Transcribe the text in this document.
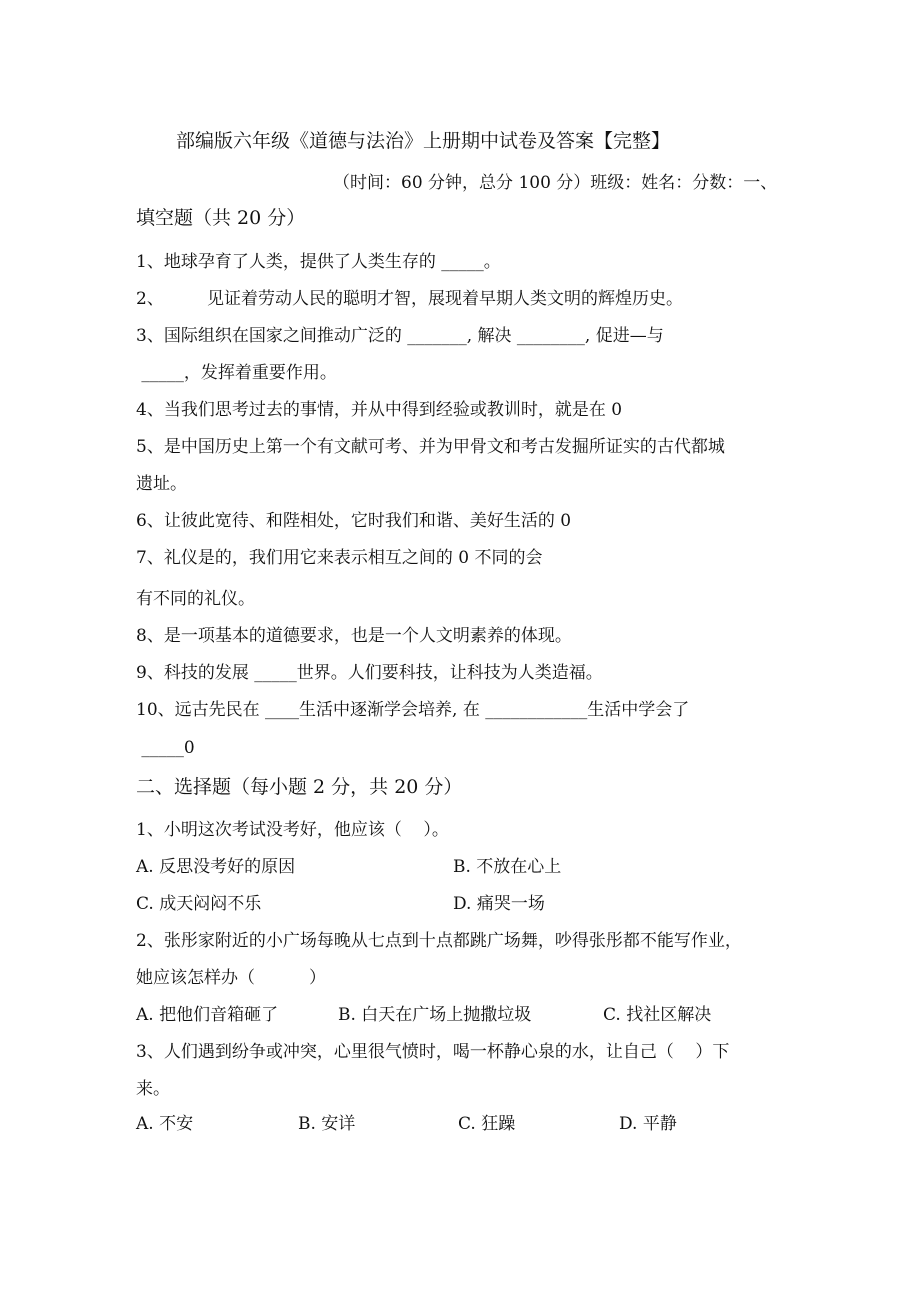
部编版六年级《道德与法治》上册期中试卷及答案【完整】
（时间：60 分钟，总分 100 分）班级：姓名：分数：一、
填空题（共 20 分）
1、地球孕育了人类，提供了人类生存的 _____。
2、        见证着劳动人民的聪明才智，展现着早期人类文明的辉煌历史。
3、国际组织在国家之间推动广泛的 _______, 解决 ________, 促进—与
_____，发挥着重要作用。
4、当我们思考过去的事情，并从中得到经验或教训时，就是在 0
5、是中国历史上第一个有文献可考、并为甲骨文和考古发掘所证实的古代都城
遗址。
6、让彼此宽待、和陛相处，它时我们和谐、美好生活的 0
7、礼仪是的，我们用它来表示相互之间的 0 不同的会
有不同的礼仪。
8、是一项基本的道德要求，也是一个人文明素养的体现。
9、科技的发展 _____世界。人们要科技，让科技为人类造福。
10、远古先民在 ____生活中逐渐学会培养, 在 ____________生活中学会了
_____0
二、选择题（每小题 2 分，共 20 分）
1、小明这次考试没考好，他应该（    ）。
A. 反思没考好的原因	B. 不放在心上
C. 成天闷闷不乐	D. 痛哭一场
2、张彤家附近的小广场每晚从七点到十点都跳广场舞，吵得张彤都不能写作业，
她应该怎样办（          ）
A. 把他们音箱砸了	B. 白天在广场上抛撒垃圾	C. 找社区解决
3、人们遇到纷争或冲突，心里很气愤时，喝一杯静心泉的水，让自己（    ）下
来。
A. 不安	B. 安详	C. 狂躁	D. 平静
